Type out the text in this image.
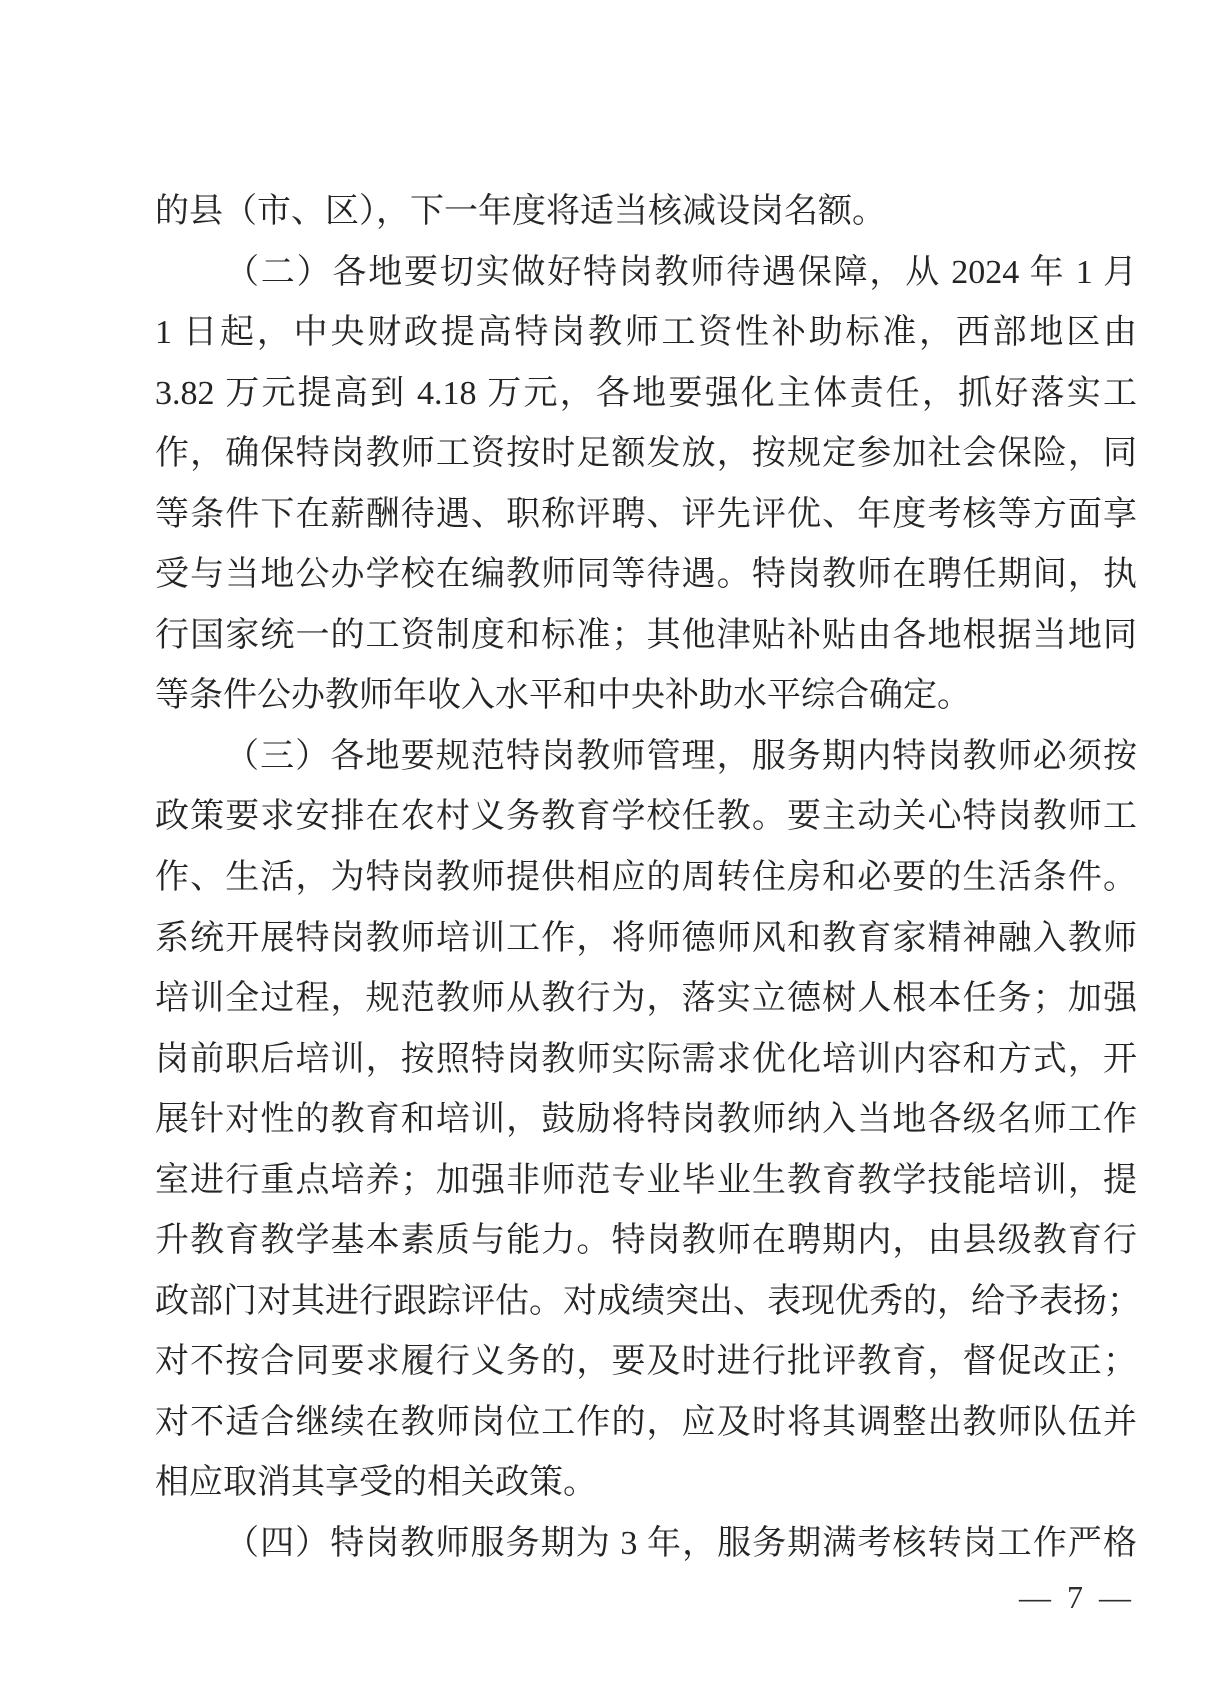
的县（市、区），下一年度将适当核减设岗名额。
（二）各地要切实做好特岗教师待遇保障，从 2024 年 1 月
1 日起，中央财政提高特岗教师工资性补助标准，西部地区由
3.82 万元提高到 4.18 万元，各地要强化主体责任，抓好落实工
作，确保特岗教师工资按时足额发放，按规定参加社会保险，同
等条件下在薪酬待遇、职称评聘、评先评优、年度考核等方面享
受与当地公办学校在编教师同等待遇。特岗教师在聘任期间，执
行国家统一的工资制度和标准；其他津贴补贴由各地根据当地同
等条件公办教师年收入水平和中央补助水平综合确定。
（三）各地要规范特岗教师管理，服务期内特岗教师必须按
政策要求安排在农村义务教育学校任教。要主动关心特岗教师工
作、生活，为特岗教师提供相应的周转住房和必要的生活条件。
系统开展特岗教师培训工作，将师德师风和教育家精神融入教师
培训全过程，规范教师从教行为，落实立德树人根本任务；加强
岗前职后培训，按照特岗教师实际需求优化培训内容和方式，开
展针对性的教育和培训，鼓励将特岗教师纳入当地各级名师工作
室进行重点培养；加强非师范专业毕业生教育教学技能培训，提
升教育教学基本素质与能力。特岗教师在聘期内，由县级教育行
政部门对其进行跟踪评估。对成绩突出、表现优秀的，给予表扬；
对不按合同要求履行义务的，要及时进行批评教育，督促改正；
对不适合继续在教师岗位工作的，应及时将其调整出教师队伍并
相应取消其享受的相关政策。
（四）特岗教师服务期为 3 年，服务期满考核转岗工作严格
— 7 —
